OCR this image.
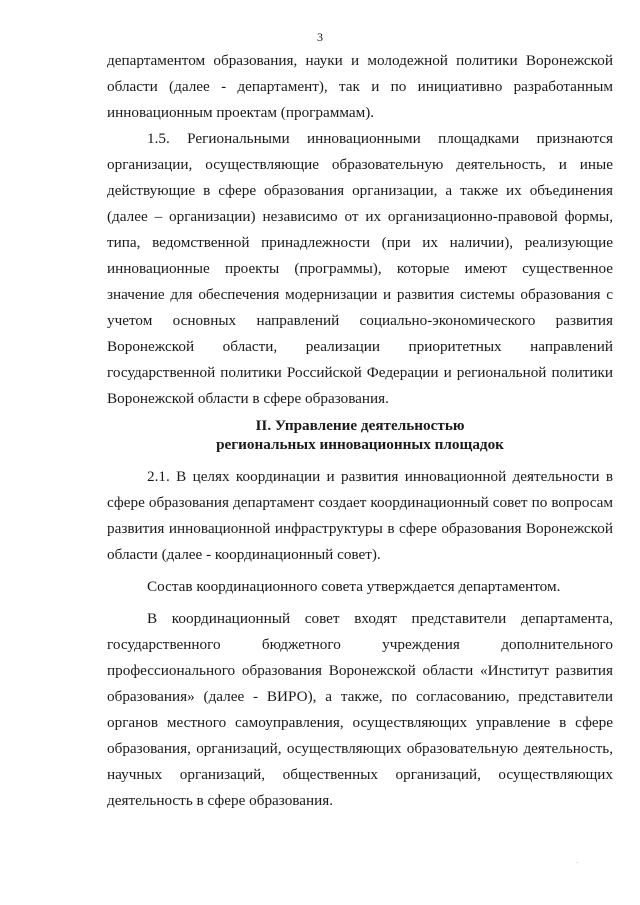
3

департаментом образования, науки и молодежной политики Воронежской области (далее - департамент), так и по инициативно разработанным инновационным проектам (программам).

1.5. Региональными инновационными площадками признаются организации, осуществляющие образовательную деятельность, и иные действующие в сфере образования организации, а также их объединения (далее – организации) независимо от их организационно-правовой формы, типа, ведомственной принадлежности (при их наличии), реализующие инновационные проекты (программы), которые имеют существенное значение для обеспечения модернизации и развития системы образования с учетом основных направлений социально-экономического развития Воронежской области, реализации приоритетных направлений государственной политики Российской Федерации и региональной политики Воронежской области в сфере образования.

II. Управление деятельностью
региональных инновационных площадок

2.1. В целях координации и развития инновационной деятельности в сфере образования департамент создает координационный совет по вопросам развития инновационной инфраструктуры в сфере образования Воронежской области (далее - координационный совет).

Состав координационного совета утверждается департаментом.

В координационный совет входят представители департамента, государственного бюджетного учреждения дополнительного профессионального образования Воронежской области «Институт развития образования» (далее - ВИРО), а также, по согласованию, представители органов местного самоуправления, осуществляющих управление в сфере образования, организаций, осуществляющих образовательную деятельность, научных организаций, общественных организаций, осуществляющих деятельность в сфере образования.

.
